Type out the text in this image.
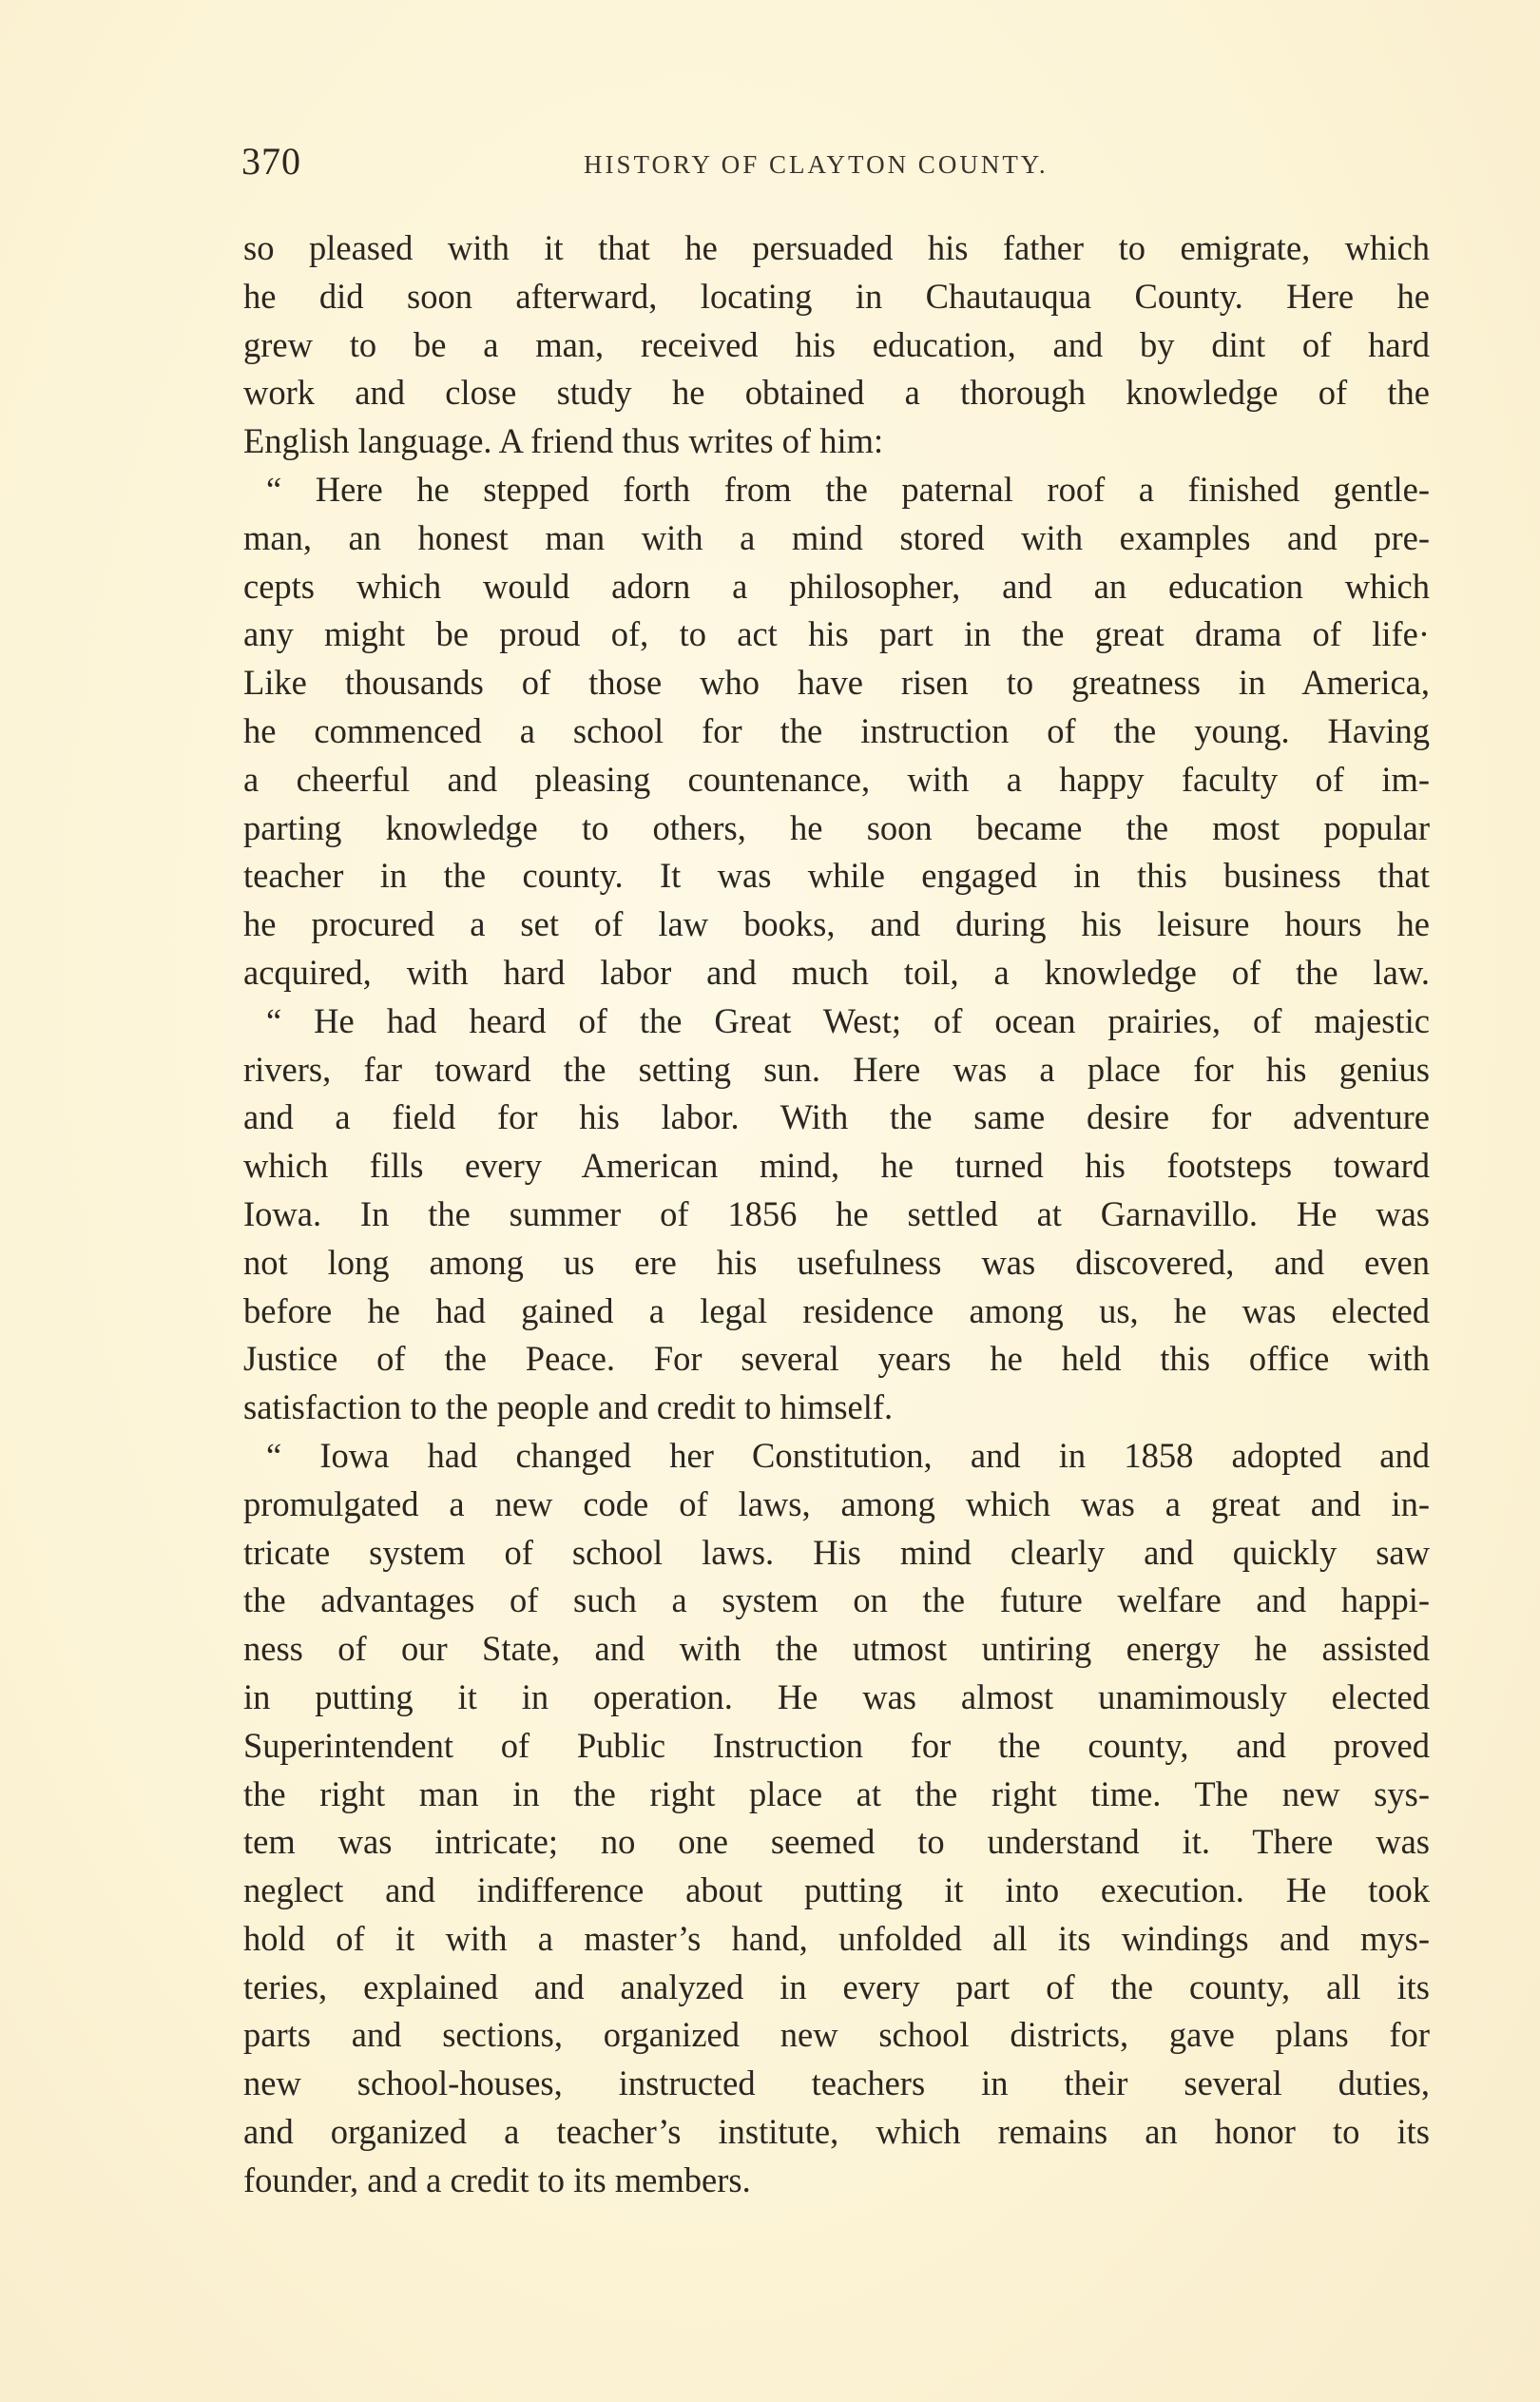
370	HISTORY OF CLAYTON COUNTY.
so pleased with it that he persuaded his father to emigrate, which
he did soon afterward, locating in Chautauqua County. Here he
grew to be a man, received his education, and by dint of hard
work and close study he obtained a thorough knowledge of the
English language. A friend thus writes of him:
“ Here he stepped forth from the paternal roof a finished gentle-
man, an honest man with a mind stored with examples and pre-
cepts which would adorn a philosopher, and an education which
any might be proud of, to act his part in the great drama of life·
Like thousands of those who have risen to greatness in America,
he commenced a school for the instruction of the young. Having
a cheerful and pleasing countenance, with a happy faculty of im-
parting knowledge to others, he soon became the most popular
teacher in the county. It was while engaged in this business that
he procured a set of law books, and during his leisure hours he
acquired, with hard labor and much toil, a knowledge of the law.
“ He had heard of the Great West; of ocean prairies, of majestic
rivers, far toward the setting sun. Here was a place for his genius
and a field for his labor. With the same desire for adventure
which fills every American mind, he turned his footsteps toward
Iowa. In the summer of 1856 he settled at Garnavillo. He was
not long among us ere his usefulness was discovered, and even
before he had gained a legal residence among us, he was elected
Justice of the Peace. For several years he held this office with
satisfaction to the people and credit to himself.
“ Iowa had changed her Constitution, and in 1858 adopted and
promulgated a new code of laws, among which was a great and in-
tricate system of school laws. His mind clearly and quickly saw
the advantages of such a system on the future welfare and happi-
ness of our State, and with the utmost untiring energy he assisted
in putting it in operation. He was almost unamimously elected
Superintendent of Public Instruction for the county, and proved
the right man in the right place at the right time. The new sys-
tem was intricate; no one seemed to understand it. There was
neglect and indifference about putting it into execution. He took
hold of it with a master’s hand, unfolded all its windings and mys-
teries, explained and analyzed in every part of the county, all its
parts and sections, organized new school districts, gave plans for
new school-houses, instructed teachers in their several duties,
and organized a teacher’s institute, which remains an honor to its
founder, and a credit to its members.
